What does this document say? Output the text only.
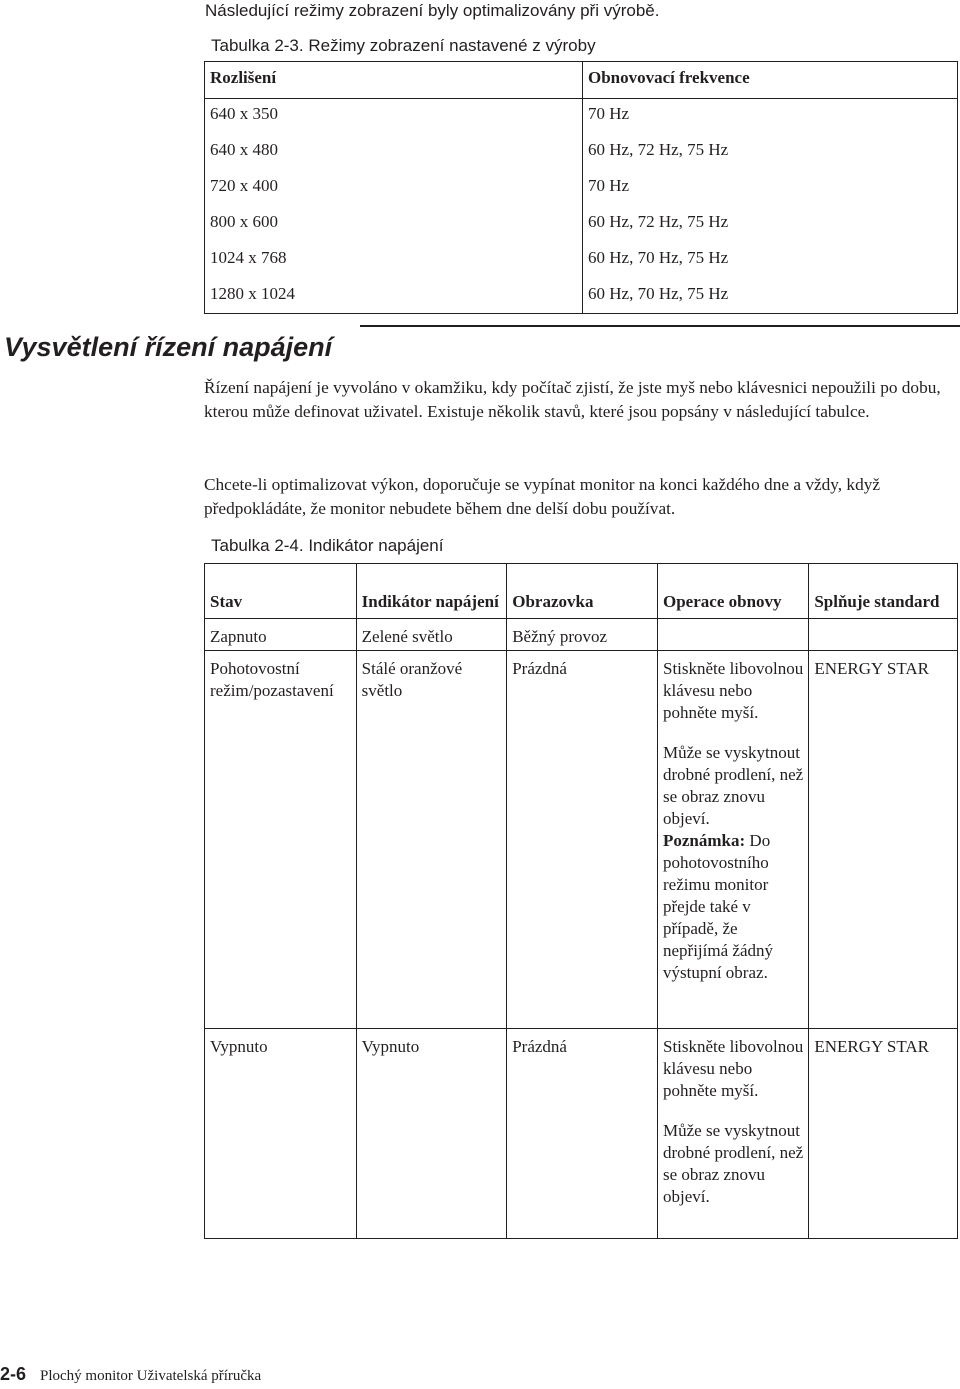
Následující režimy zobrazení byly optimalizovány při výrobě.
Tabulka 2-3. Režimy zobrazení nastavené z výroby
Rozlišení	Obnovovací frekvence
640 x 350	70 Hz
640 x 480	60 Hz, 72 Hz, 75 Hz
720 x 400	70 Hz
800 x 600	60 Hz, 72 Hz, 75 Hz
1024 x 768	60 Hz, 70 Hz, 75 Hz
1280 x 1024	60 Hz, 70 Hz, 75 Hz
Vysvětlení řízení napájení
Řízení napájení je vyvoláno v okamžiku, kdy počítač zjistí, že jste myš nebo klávesnici nepoužili po dobu, kterou může definovat uživatel. Existuje několik stavů, které jsou popsány v následující tabulce.
Chcete-li optimalizovat výkon, doporučuje se vypínat monitor na konci každého dne a vždy, když předpokládáte, že monitor nebudete během dne delší dobu používat.
Tabulka 2-4. Indikátor napájení
Stav	Indikátor napájení	Obrazovka	Operace obnovy	Splňuje standard
Zapnuto	Zelené světlo	Běžný provoz		
Pohotovostní režim/pozastavení	Stálé oranžové světlo	Prázdná	Stiskněte libovolnou klávesu nebo pohněte myší.

Může se vyskytnout drobné prodlení, než se obraz znovu objeví.

Poznámka: Do pohotovostního režimu monitor přejde také v případě, že nepřijímá žádný výstupní obraz.	ENERGY STAR
Vypnuto	Vypnuto	Prázdná	Stiskněte libovolnou klávesu nebo pohněte myší.

Může se vyskytnout drobné prodlení, než se obraz znovu objeví.	ENERGY STAR
2-6 Plochý monitor Uživatelská příručka
